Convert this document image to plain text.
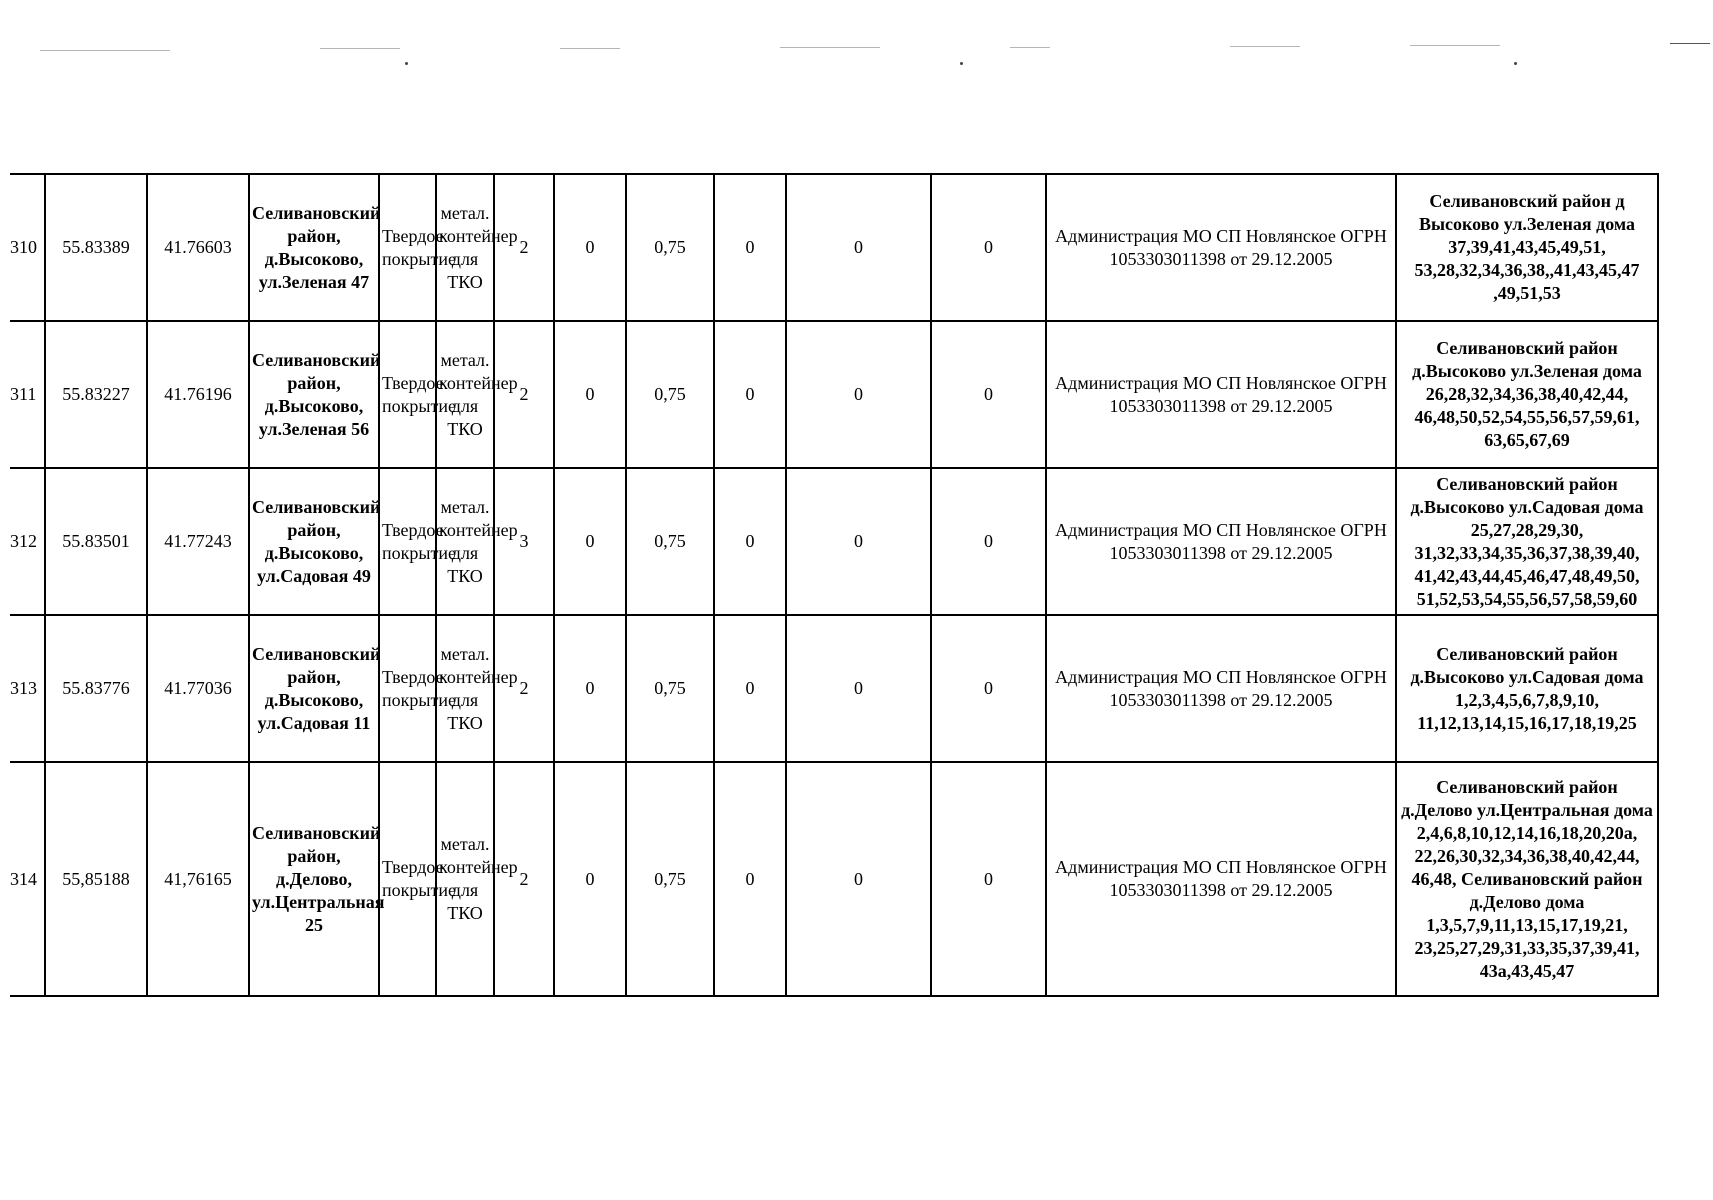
310	55.83389	41.76603	Селивановский район, д.Высоково, ул.Зеленая 47	Твердое покрытие	метал. контейнер для ТКО	2	0	0,75	0	0	0	Администрация МО СП Новлянское ОГРН 1053303011398 от 29.12.2005	Селивановский район д Высоково ул.Зеленая дома 37,39,41,43,45,49,51, 53,28,32,34,36,38,,41,43,45,47 ,49,51,53
311	55.83227	41.76196	Селивановский район, д.Высоково, ул.Зеленая 56	Твердое покрытие	метал. контейнер для ТКО	2	0	0,75	0	0	0	Администрация МО СП Новлянское ОГРН 1053303011398 от 29.12.2005	Селивановский район д.Высоково ул.Зеленая дома 26,28,32,34,36,38,40,42,44, 46,48,50,52,54,55,56,57,59,61, 63,65,67,69
312	55.83501	41.77243	Селивановский район, д.Высоково, ул.Садовая 49	Твердое покрытие	метал. контейнер для ТКО	3	0	0,75	0	0	0	Администрация МО СП Новлянское ОГРН 1053303011398 от 29.12.2005	Селивановский район д.Высоково ул.Садовая дома 25,27,28,29,30, 31,32,33,34,35,36,37,38,39,40, 41,42,43,44,45,46,47,48,49,50, 51,52,53,54,55,56,57,58,59,60
313	55.83776	41.77036	Селивановский район, д.Высоково, ул.Садовая 11	Твердое покрытие	метал. контейнер для ТКО	2	0	0,75	0	0	0	Администрация МО СП Новлянское ОГРН 1053303011398 от 29.12.2005	Селивановский район д.Высоково ул.Садовая дома 1,2,3,4,5,6,7,8,9,10, 11,12,13,14,15,16,17,18,19,25
314	55,85188	41,76165	Селивановский район, д.Делово, ул.Центральная 25	Твердое покрытие	метал. контейнер для ТКО	2	0	0,75	0	0	0	Администрация МО СП Новлянское ОГРН 1053303011398 от 29.12.2005	Селивановский район д.Делово ул.Центральная дома 2,4,6,8,10,12,14,16,18,20,20а, 22,26,30,32,34,36,38,40,42,44, 46,48, Селивановский район д.Делово дома 1,3,5,7,9,11,13,15,17,19,21, 23,25,27,29,31,33,35,37,39,41, 43а,43,45,47
